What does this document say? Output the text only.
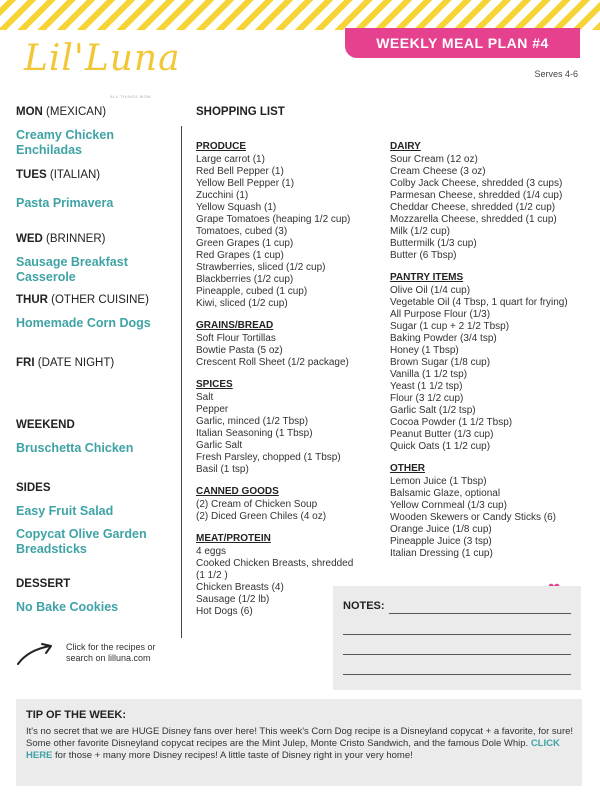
Lil'Luna
ALL THINGS MOM
WEEKLY MEAL PLAN #4
Serves 4-6
MON (MEXICAN)
Creamy Chicken Enchiladas
TUES (ITALIAN)
Pasta Primavera
WED (BRINNER)
Sausage Breakfast Casserole
THUR (OTHER CUISINE)
Homemade Corn Dogs
FRI (DATE NIGHT)
WEEKEND
Bruschetta Chicken
SIDES
Easy Fruit Salad
Copycat Olive Garden Breadsticks
DESSERT
No Bake Cookies
SHOPPING LIST
PRODUCE
Large carrot (1)
Red Bell Pepper (1)
Yellow Bell Pepper (1)
Zucchini (1)
Yellow Squash (1)
Grape Tomatoes (heaping 1/2 cup)
Tomatoes, cubed (3)
Green Grapes (1 cup)
Red Grapes (1 cup)
Strawberries, sliced (1/2 cup)
Blackberries (1/2 cup)
Pineapple, cubed (1 cup)
Kiwi, sliced (1/2 cup)
GRAINS/BREAD
Soft Flour Tortillas
Bowtie Pasta (5 oz)
Crescent Roll Sheet (1/2 package)
SPICES
Salt
Pepper
Garlic, minced (1/2 Tbsp)
Italian Seasoning (1 Tbsp)
Garlic Salt
Fresh Parsley, chopped (1 Tbsp)
Basil (1 tsp)
CANNED GOODS
(2) Cream of Chicken Soup
(2) Diced Green Chiles (4 oz)
MEAT/PROTEIN
4 eggs
Cooked Chicken Breasts, shredded
(1 1/2 )
Chicken Breasts (4)
Sausage (1/2 lb)
Hot Dogs (6)
DAIRY
Sour Cream (12 oz)
Cream Cheese (3 oz)
Colby Jack Cheese, shredded (3 cups)
Parmesan Cheese, shredded (1/4 cup)
Cheddar Cheese, shredded (1/2 cup)
Mozzarella Cheese, shredded (1 cup)
Milk (1/2 cup)
Buttermilk (1/3 cup)
Butter (6 Tbsp)
PANTRY ITEMS
Olive Oil (1/4 cup)
Vegetable Oil (4 Tbsp, 1 quart for frying)
All Purpose Flour (1/3)
Sugar (1 cup + 2 1/2 Tbsp)
Baking Powder (3/4 tsp)
Honey (1 Tbsp)
Brown Sugar (1/8 cup)
Vanilla (1 1/2 tsp)
Yeast (1 1/2 tsp)
Flour (3 1/2 cup)
Garlic Salt (1/2 tsp)
Cocoa Powder (1 1/2 Tbsp)
Peanut Butter (1/3 cup)
Quick Oats (1 1/2 cup)
OTHER
Lemon Juice (1 Tbsp)
Balsamic Glaze, optional
Yellow Cornmeal (1/3 cup)
Wooden Skewers or Candy Sticks (6)
Orange Juice (1/8 cup)
Pineapple Juice (3 tsp)
Italian Dressing (1 cup)
NOTES:
Click for the recipes or search on lilluna.com
TIP OF THE WEEK:
It's no secret that we are HUGE Disney fans over here! This week's Corn Dog recipe is a Disneyland copycat + a favorite, for sure! Some other favorite Disneyland copycat recipes are the Mint Julep, Monte Cristo Sandwich, and the famous Dole Whip. CLICK HERE for those + many more Disney recipes! A little taste of Disney right in your very home!
